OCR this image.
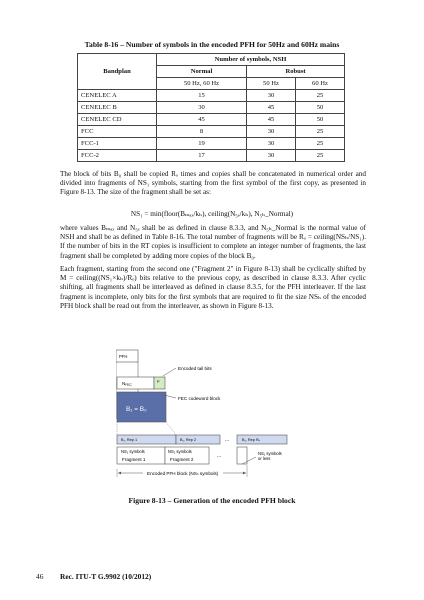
Table 8-16 – Number of symbols in the encoded PFH for 50Hz and 60Hz mains
Bandplan	Number of symbols, NSH		
	Normal	Robust	
	50 Hz, 60 Hz	50 Hz	60 Hz
CENELEC A	15	30	25
CENELEC B	30	45	50
CENELEC CD	45	45	50
FCC	8	30	25
FCC-1	19	30	25
FCC-2	17	30	25

The block of bits B₀ shall be copied Rₒ times and copies shall be concatenated in numerical order and divided into fragments of NS₁ symbols, starting from the first symbol of the first copy, as presented in Figure 8-13. The size of the fragment shall be set as:

NS₁ = min(floor(Bₘₐₓ/kₕ), ceiling(N₅ₑ/kₕ), N₅ₕ_Normal)

where values Bₘₐₓ and N₅ₑ shall be as defined in clause 8.3.3, and N₅ₕ_Normal is the normal value of NSH and shall be as defined in Table 8-16. The total number of fragments will be Rₒ = ceiling(NSₕ/NS₁). If the number of bits in the RT copies is insufficient to complete an integer number of fragments, the last fragment shall be completed by adding more copies of the block B₀.

Each fragment, starting from the second one ("Fragment 2" in Figure 8-13) shall be cyclically shifted by M = ceiling((NS₁×kₕ)/Rₒ) bits relative to the previous copy, as described in clause 8.3.3. After cyclic shifting, all fragments shall be interleaved as defined in clause 8.3.5, for the PFH interleaver. If the last fragment is incomplete, only bits for the first symbols that are required to fit the size NSₕ of the encoded PFH block shall be read out from the interleaver, as shown in Figure 8-13.

PFH
$N_{FEC}$
P
Encoded tail bits
B₁ = B₀
FEC codeword block
B₁, Rep 1	B₁, Rep 2	...	B₁, Rep Rₒ
NS₁ symbols
Fragment 1
NS₁ symbols
Fragment 2
...	NS₁ symbols
or less
Encoded PFH block (NSₕ symbols)
Figure 8-13 – Generation of the encoded PFH block
46 Rec. ITU-T G.9902 (10/2012)
